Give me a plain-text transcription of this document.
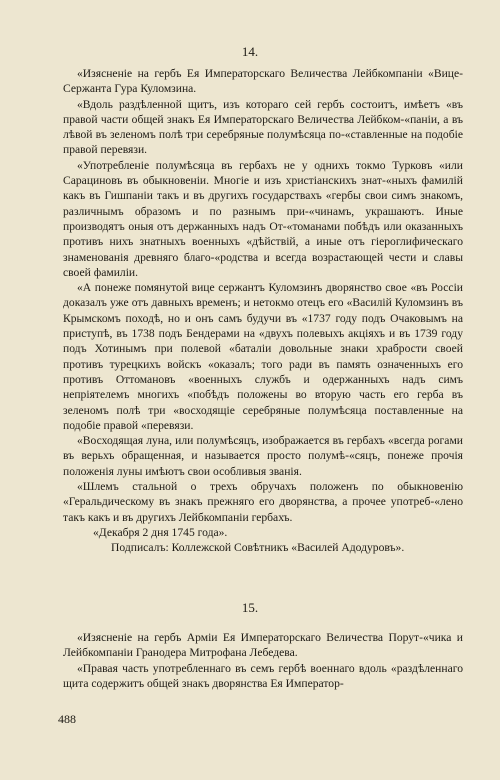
14.

«Изясненіе на гербъ Ея Императорскаго Величества Лейбкомпаніи «Вице-Сержанта Гура Куломзина.

«Вдоль раздѣленной щитъ, изъ котораго сей гербъ состоитъ, имѣетъ «въ правой части общей знакъ Ея Императорскаго Величества Лейбком-«паніи, а въ лѣвой въ зеленомъ полѣ три серебряные полумѣсяца по-«ставленные на подобіе правой перевязи.

«Употребленіе полумѣсяца въ гербахъ не у однихъ токмо Турковъ «или Сарациновъ въ обыкновеніи. Многіе и изъ христіанскихъ знат-«ныхъ фамилій какъ въ Гишпаніи такъ и въ другихъ государствахъ «гербы свои симъ знакомъ, различнымъ образомъ и по разнымъ при-«чинамъ, украшаютъ. Иные производятъ оныя отъ держанныхъ надъ От-«томанами побѣдъ или оказанныхъ противъ нихъ знатныхъ военныхъ «дѣйствій, а иные отъ гіероглифическаго знаменованія древняго благо-«родства и всегда возрастающей чести и славы своей фамиліи.

«А понеже помянутой вице сержантъ Куломзинъ дворянство свое «въ Россіи доказалъ уже отъ давныхъ временъ; и нетокмо отецъ его «Василій Куломзинъ въ Крымскомъ походѣ, но и онъ самъ будучи въ «1737 году подъ Очаковымъ на приступѣ, въ 1738 подъ Бендерами на «двухъ полевыхъ акціяхъ и въ 1739 году подъ Хотинымъ при полевой «баталіи довольные знаки храбрости своей противъ турецкихъ войскъ «оказалъ; того ради въ память означенныхъ его противъ Оттомановъ «военныхъ службъ и одержанныхъ надъ симъ непріятелемъ многихъ «побѣдъ положены во вторую часть его герба въ зеленомъ полѣ три «восходящіе серебряные полумѣсяца поставленные на подобіе правой «перевязи.

«Восходящая луна, или полумѣсяцъ, изображается въ гербахъ «всегда рогами въ верьхъ обращенная, и называется просто полумѣ-«сяцъ, понеже прочія положенія луны имѣютъ свои особливыя званія.

«Шлемъ стальной о трехъ обручахъ положенъ по обыкновенію «Геральдическому въ знакъ прежняго его дворянства, а прочее употреб-«лено такъ какъ и въ другихъ Лейбкомпаніи гербахъ.

«Декабря 2 дня 1745 года».

Подписалъ: Коллежской Совѣтникъ «Василей Адодуровъ».

15.

«Изясненіе на гербъ Арміи Ея Императорскаго Величества Порут-«чика и Лейбкомпаніи Гранодера Митрофана Лебедева.

«Правая часть употребленнаго въ семъ гербѣ военнаго вдоль «раздѣленнаго щита содержитъ общей знакъ дворянства Ея Император-

488
